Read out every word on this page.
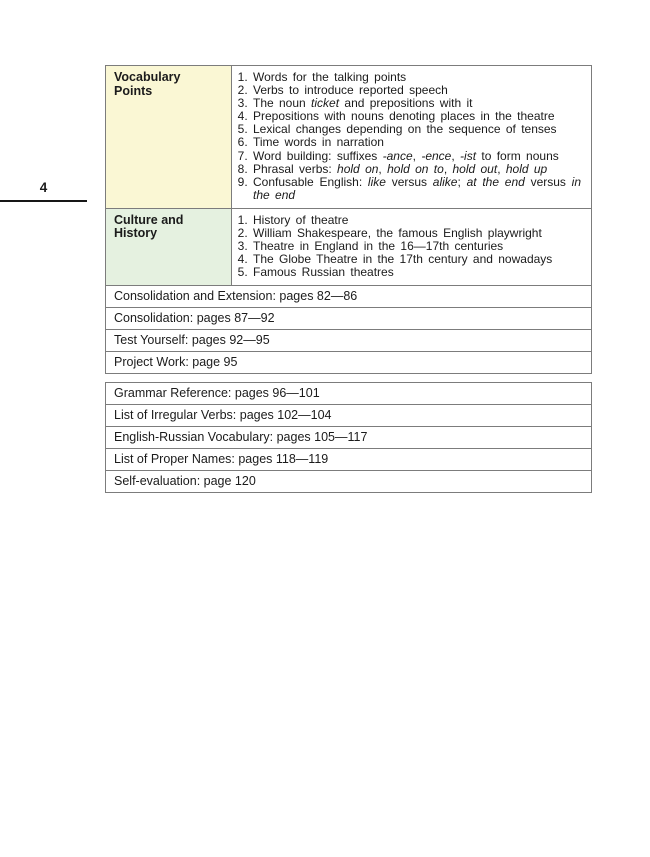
4
Vocabulary Points
1. Words for the talking points
2. Verbs to introduce reported speech
3. The noun ticket and prepositions with it
4. Prepositions with nouns denoting places in the theatre
5. Lexical changes depending on the sequence of tenses
6. Time words in narration
7. Word building: suffixes -ance, -ence, -ist to form nouns
8. Phrasal verbs: hold on, hold on to, hold out, hold up
9. Confusable English: like versus alike; at the end versus in the end
Culture and History
1. History of theatre
2. William Shakespeare, the famous English playwright
3. Theatre in England in the 16—17th centuries
4. The Globe Theatre in the 17th century and nowadays
5. Famous Russian theatres
Consolidation and Extension: pages 82—86
Consolidation: pages 87—92
Test Yourself: pages 92—95
Project Work: page 95
Grammar Reference: pages 96—101
List of Irregular Verbs: pages 102—104
English-Russian Vocabulary: pages 105—117
List of Proper Names: pages 118—119
Self-evaluation: page 120
